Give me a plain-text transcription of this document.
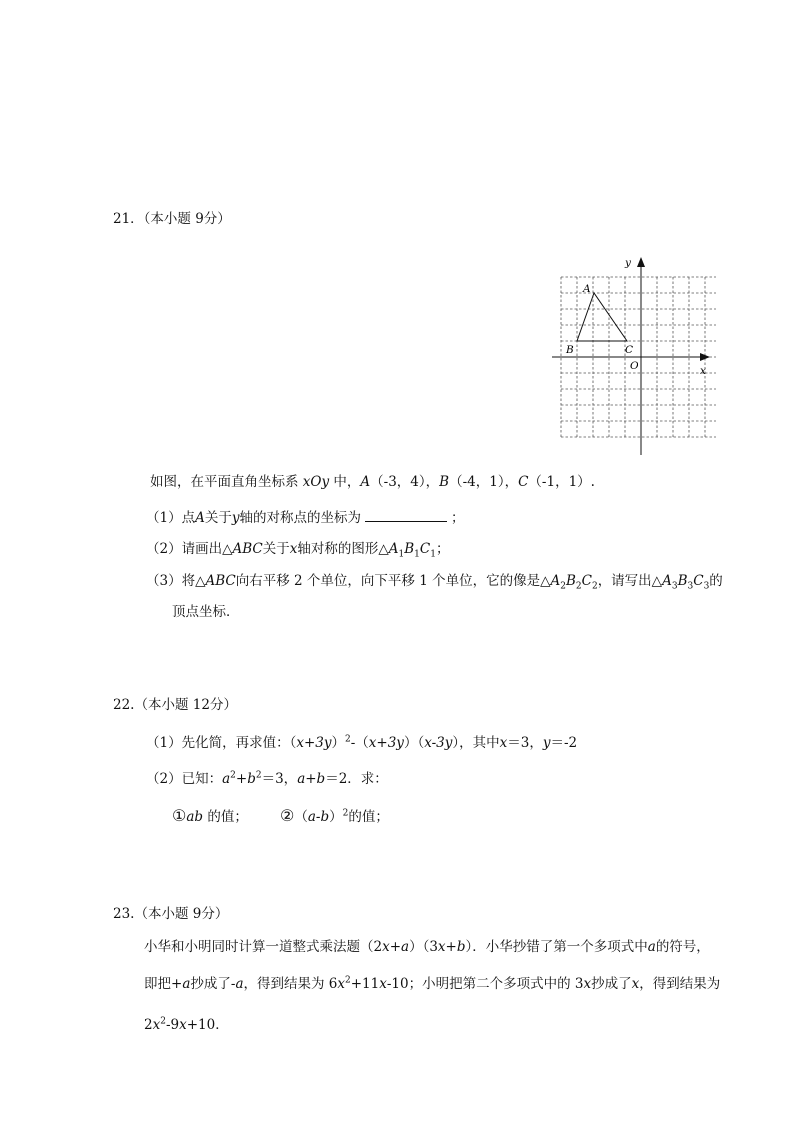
21．（本小题 9分）
A
B	C
O	x
y
如图，在平面直角坐标系 xOy 中，A（-3，4），B（-4，1），C（-1，1）.
（1）点A关于y轴的对称点的坐标为	；
（2）请画出△ABC关于x轴对称的图形$\triangle A_1B_1C_1$；
（3）将△ABC向右平移 2 个单位，向下平移 1 个单位，它的像是$\triangle A_2B_2C_2$，请写出$\triangle A_3B_3C_3$的
顶点坐标．
22.（本小题 12分）
（1）先化简，再求值：$(x+3y)^2-(x+3y)(x-3y)$，其中x＝3，y＝-2
（2）已知：$a^2+b^2=3$，a+b＝2．求：
①ab 的值； $②(a-b)^2$的值；
23.（本小题 9分）
小华和小明同时计算一道整式乘法题（2x+a）（3x+b）．小华抄错了第一个多项式中a的符号，
即把+a抄成了-a，得到结果为 $6x^2+11x-10$；小明把第二个多项式中的 3x抄成了x，得到结果为
$2x^2-9x+10$．
